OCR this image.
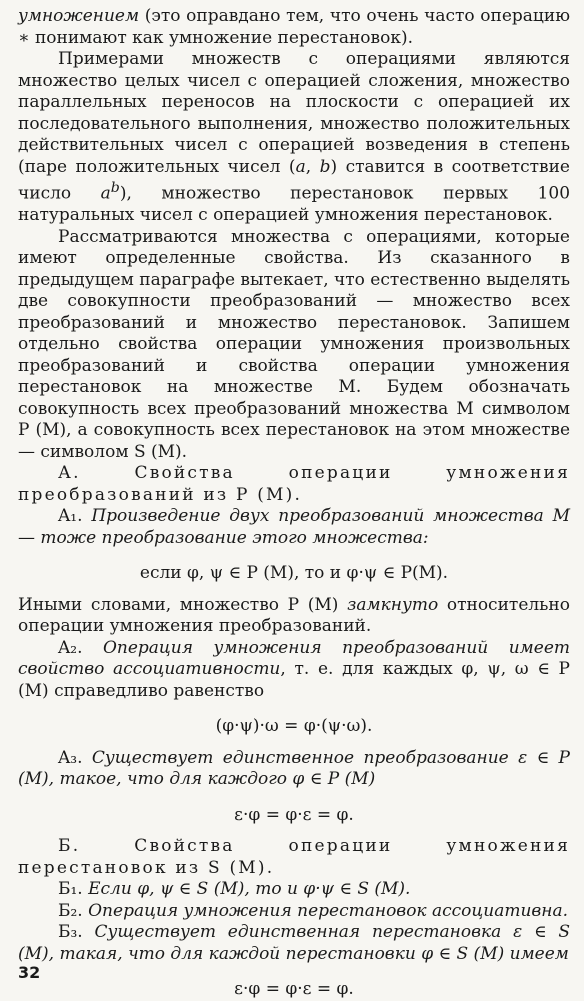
умножением (это оправдано тем, что очень часто операцию ∗ понимают как умножение перестановок).

Примерами множеств с операциями являются множество целых чисел с операцией сложения, множество параллельных переносов на плоскости с операцией их последовательного выполнения, множество положительных действительных чисел с операцией возведения в степень (паре положительных чисел (a, b) ставится в соответствие число $a^b$), множество перестановок первых 100 натуральных чисел с операцией умножения перестановок.

Рассматриваются множества с операциями, которые имеют определенные свойства. Из сказанного в предыдущем параграфе вытекает, что естественно выделять две совокупности преобразований — множество всех преобразований и множество перестановок. Запишем отдельно свойства операции умножения произвольных преобразований и свойства операции умножения перестановок на множестве M. Будем обозначать совокупность всех преобразований множества M символом P (M), а совокупность всех перестановок на этом множестве — символом S (M).

А. Свойства операции умножения преобразований из P (M).

A₁. Произведение двух преобразований множества M — тоже преобразование этого множества:

если φ, ψ ∈ P (M), то и φ·ψ ∈ P(M).

Иными словами, множество P (M) замкнуто относительно операции умножения преобразований.

A₂. Операция умножения преобразований имеет свойство ассоциативности, т. е. для каждых φ, ψ, ω ∈ P (M) справедливо равенство

(φ·ψ)·ω = φ·(ψ·ω).

A₃. Существует единственное преобразование ε ∈ P (M), такое, что для каждого φ ∈ P (M)

ε·φ = φ·ε = φ.

Б. Свойства операции умножения перестановок из S (M).

Б₁. Если φ, ψ ∈ S (M), то и φ·ψ ∈ S (M).

Б₂. Операция умножения перестановок ассоциативна.

Б₃. Существует единственная перестановка ε ∈ S (M), такая, что для каждой перестановки φ ∈ S (M) имеем

ε·φ = φ·ε = φ.

32
